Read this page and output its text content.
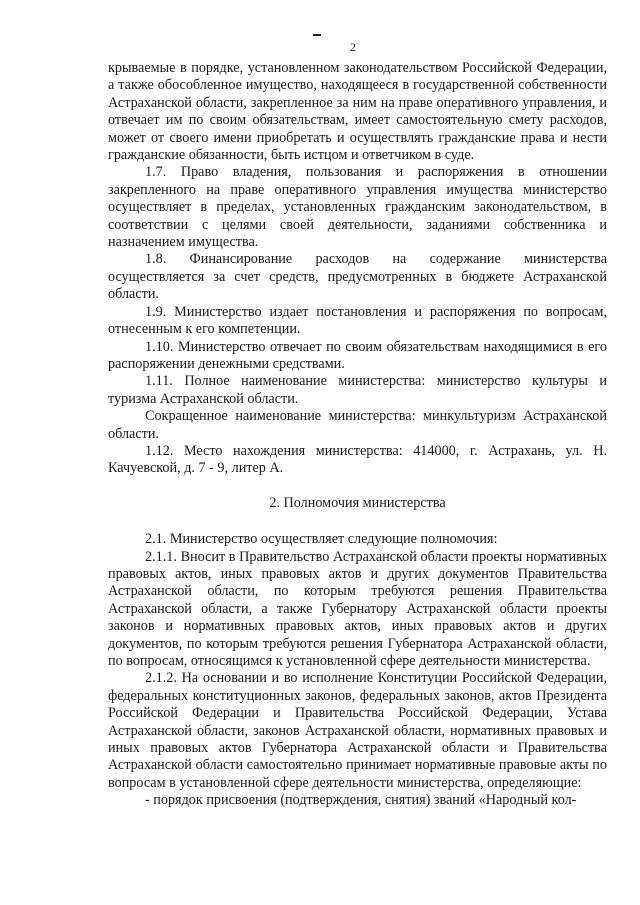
2

крываемые в порядке, установленном законодательством Российской Федерации, а также обособленное имущество, находящееся в государственной собственности Астраханской области, закрепленное за ним на праве оперативного управления, и отвечает им по своим обязательствам, имеет самостоятельную смету расходов, может от своего имени приобретать и осуществлять гражданские права и нести гражданские обязанности, быть истцом и ответчиком в суде.

1.7. Право владения, пользования и распоряжения в отношении закрепленного на праве оперативного управления имущества министерство осуществляет в пределах, установленных гражданским законодательством, в соответствии с целями своей деятельности, заданиями собственника и назначением имущества.

1.8. Финансирование расходов на содержание министерства осуществляется за счет средств, предусмотренных в бюджете Астраханской области.

1.9. Министерство издает постановления и распоряжения по вопросам, отнесенным к его компетенции.

1.10. Министерство отвечает по своим обязательствам находящимися в его распоряжении денежными средствами.

1.11. Полное наименование министерства: министерство культуры и туризма Астраханской области.

Сокращенное наименование министерства: минкультуризм Астраханской области.

1.12. Место нахождения министерства: 414000, г. Астрахань, ул. Н. Качуевской, д. 7 - 9, литер А.

2. Полномочия министерства

2.1. Министерство осуществляет следующие полномочия:

2.1.1. Вносит в Правительство Астраханской области проекты нормативных правовых актов, иных правовых актов и других документов Правительства Астраханской области, по которым требуются решения Правительства Астраханской области, а также Губернатору Астраханской области проекты законов и нормативных правовых актов, иных правовых актов и других документов, по которым требуются решения Губернатора Астраханской области, по вопросам, относящимся к установленной сфере деятельности министерства.

2.1.2. На основании и во исполнение Конституции Российской Федерации, федеральных конституционных законов, федеральных законов, актов Президента Российской Федерации и Правительства Российской Федерации, Устава Астраханской области, законов Астраханской области, нормативных правовых и иных правовых актов Губернатора Астраханской области и Правительства Астраханской области самостоятельно принимает нормативные правовые акты по вопросам в установленной сфере деятельности министерства, определяющие:

- порядок присвоения (подтверждения, снятия) званий «Народный кол-
